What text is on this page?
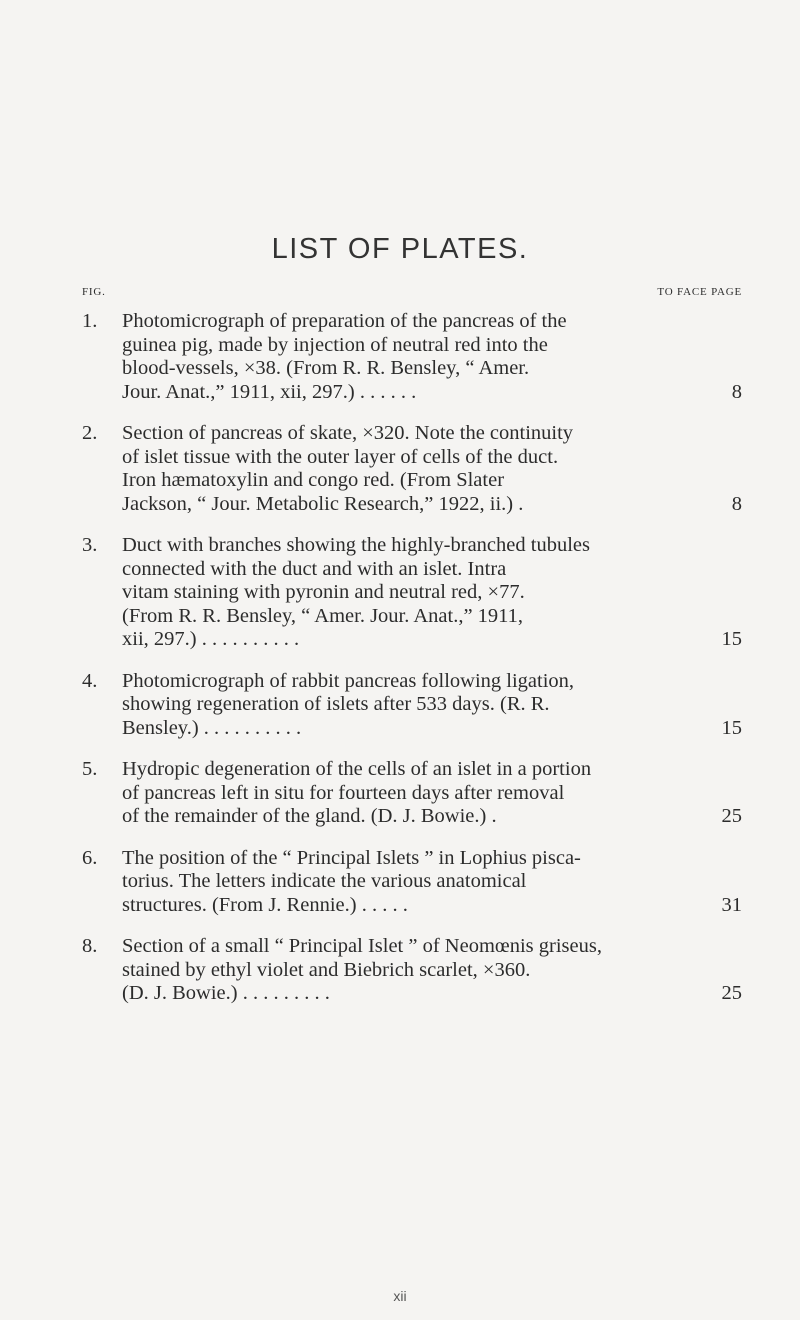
LIST OF PLATES.
FIG.	TO FACE PAGE
1. Photomicrograph of preparation of the pancreas of the
guinea pig, made by injection of neutral red into the
blood-vessels, ×38. (From R. R. Bensley, “ Amer.
Jour. Anat.,” 1911, xii, 297.) . . . . . .	8
2. Section of pancreas of skate, ×320. Note the continuity
of islet tissue with the outer layer of cells of the duct.
Iron hæmatoxylin and congo red. (From Slater
Jackson, “ Jour. Metabolic Research,” 1922, ii.) .	8
3. Duct with branches showing the highly-branched tubules
connected with the duct and with an islet. Intra
vitam staining with pyronin and neutral red, ×77.
(From R. R. Bensley, “ Amer. Jour. Anat.,” 1911,
xii, 297.) . . . . . . . . . .	15
4. Photomicrograph of rabbit pancreas following ligation,
showing regeneration of islets after 533 days. (R. R.
Bensley.) . . . . . . . . . .	15
5. Hydropic degeneration of the cells of an islet in a portion
of pancreas left in situ for fourteen days after removal
of the remainder of the gland. (D. J. Bowie.) .	25
6. The position of the “ Principal Islets ” in Lophius pisca-
torius. The letters indicate the various anatomical
structures. (From J. Rennie.) . . . . .	31
8. Section of a small “ Principal Islet ” of Neomœnis griseus,
stained by ethyl violet and Biebrich scarlet, ×360.
(D. J. Bowie.) . . . . . . . . .	25
xii
